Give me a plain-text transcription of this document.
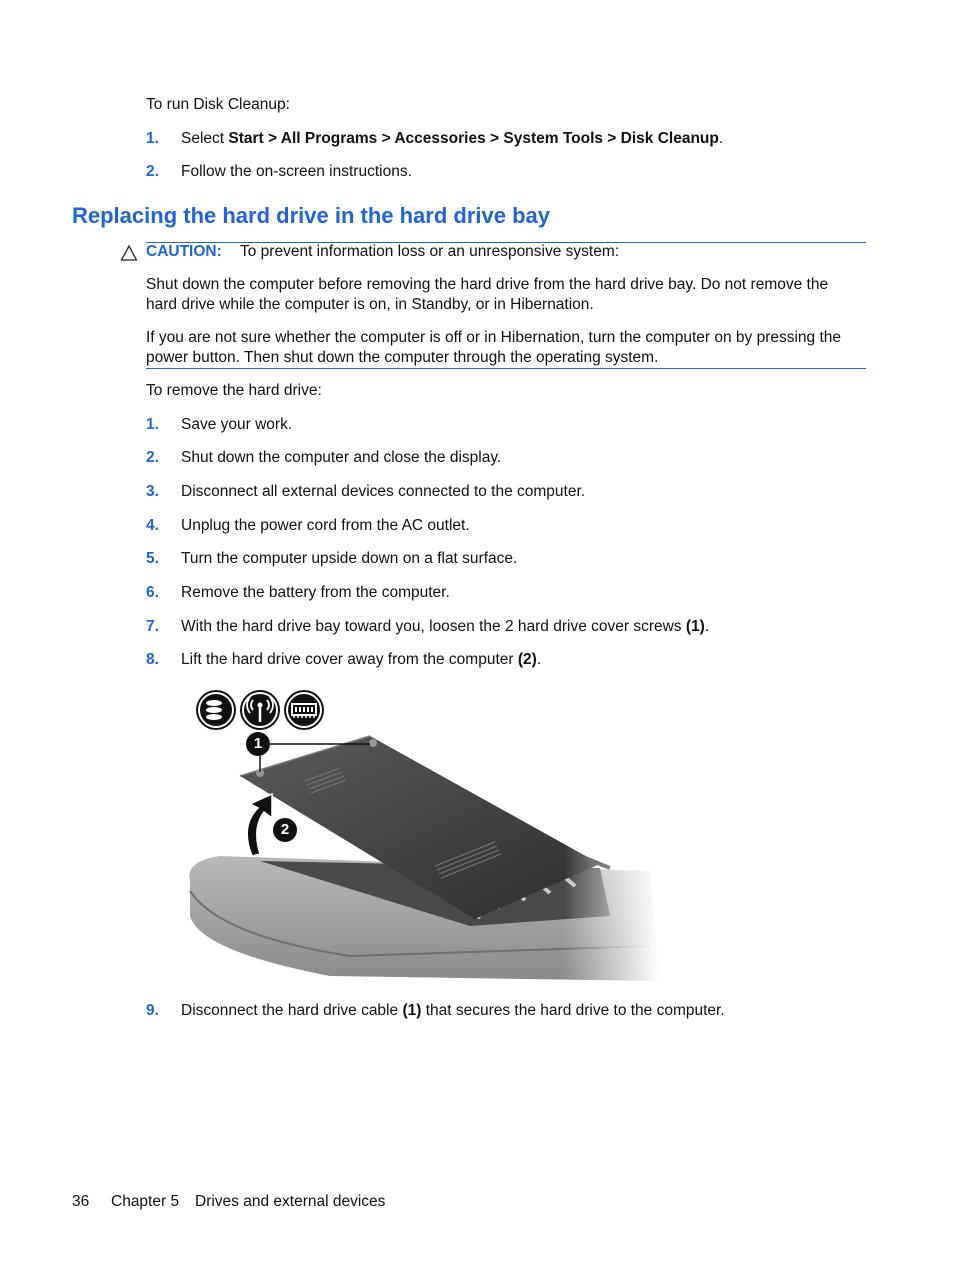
To run Disk Cleanup:
1. Select Start > All Programs > Accessories > System Tools > Disk Cleanup.
2. Follow the on-screen instructions.
Replacing the hard drive in the hard drive bay
CAUTION: To prevent information loss or an unresponsive system:
Shut down the computer before removing the hard drive from the hard drive bay. Do not remove the
hard drive while the computer is on, in Standby, or in Hibernation.
If you are not sure whether the computer is off or in Hibernation, turn the computer on by pressing the
power button. Then shut down the computer through the operating system.
To remove the hard drive:
1. Save your work.
2. Shut down the computer and close the display.
3. Disconnect all external devices connected to the computer.
4. Unplug the power cord from the AC outlet.
5. Turn the computer upside down on a flat surface.
6. Remove the battery from the computer.
7. With the hard drive bay toward you, loosen the 2 hard drive cover screws (1).
8. Lift the hard drive cover away from the computer (2).
1
2
9. Disconnect the hard drive cable (1) that secures the hard drive to the computer.
36 Chapter 5 Drives and external devices
